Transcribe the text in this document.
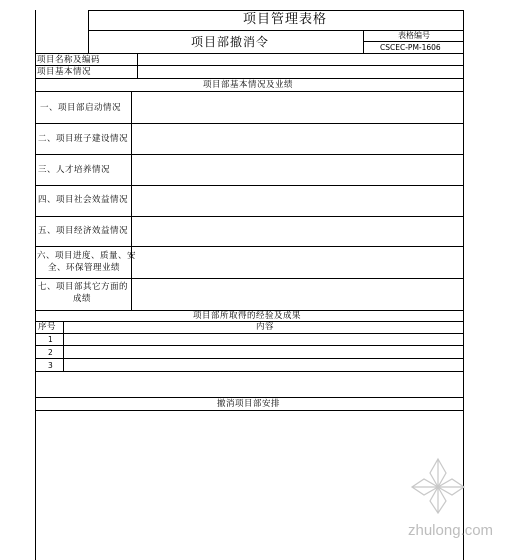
项目管理表格
项目部撤消令	表格编号
CSCEC-PM-1606
项目名称及编码
项目基本情况
项目部基本情况及业绩
一、项目部启动情况
二、项目班子建设情况
三、人才培养情况
四、项目社会效益情况
五、项目经济效益情况
六、项目进度、质量、安
全、环保管理业绩
七、项目部其它方面的
成绩
项目部所取得的经验及成果
序号	内容
1
2
3
撤消项目部安排
zhulong.com
